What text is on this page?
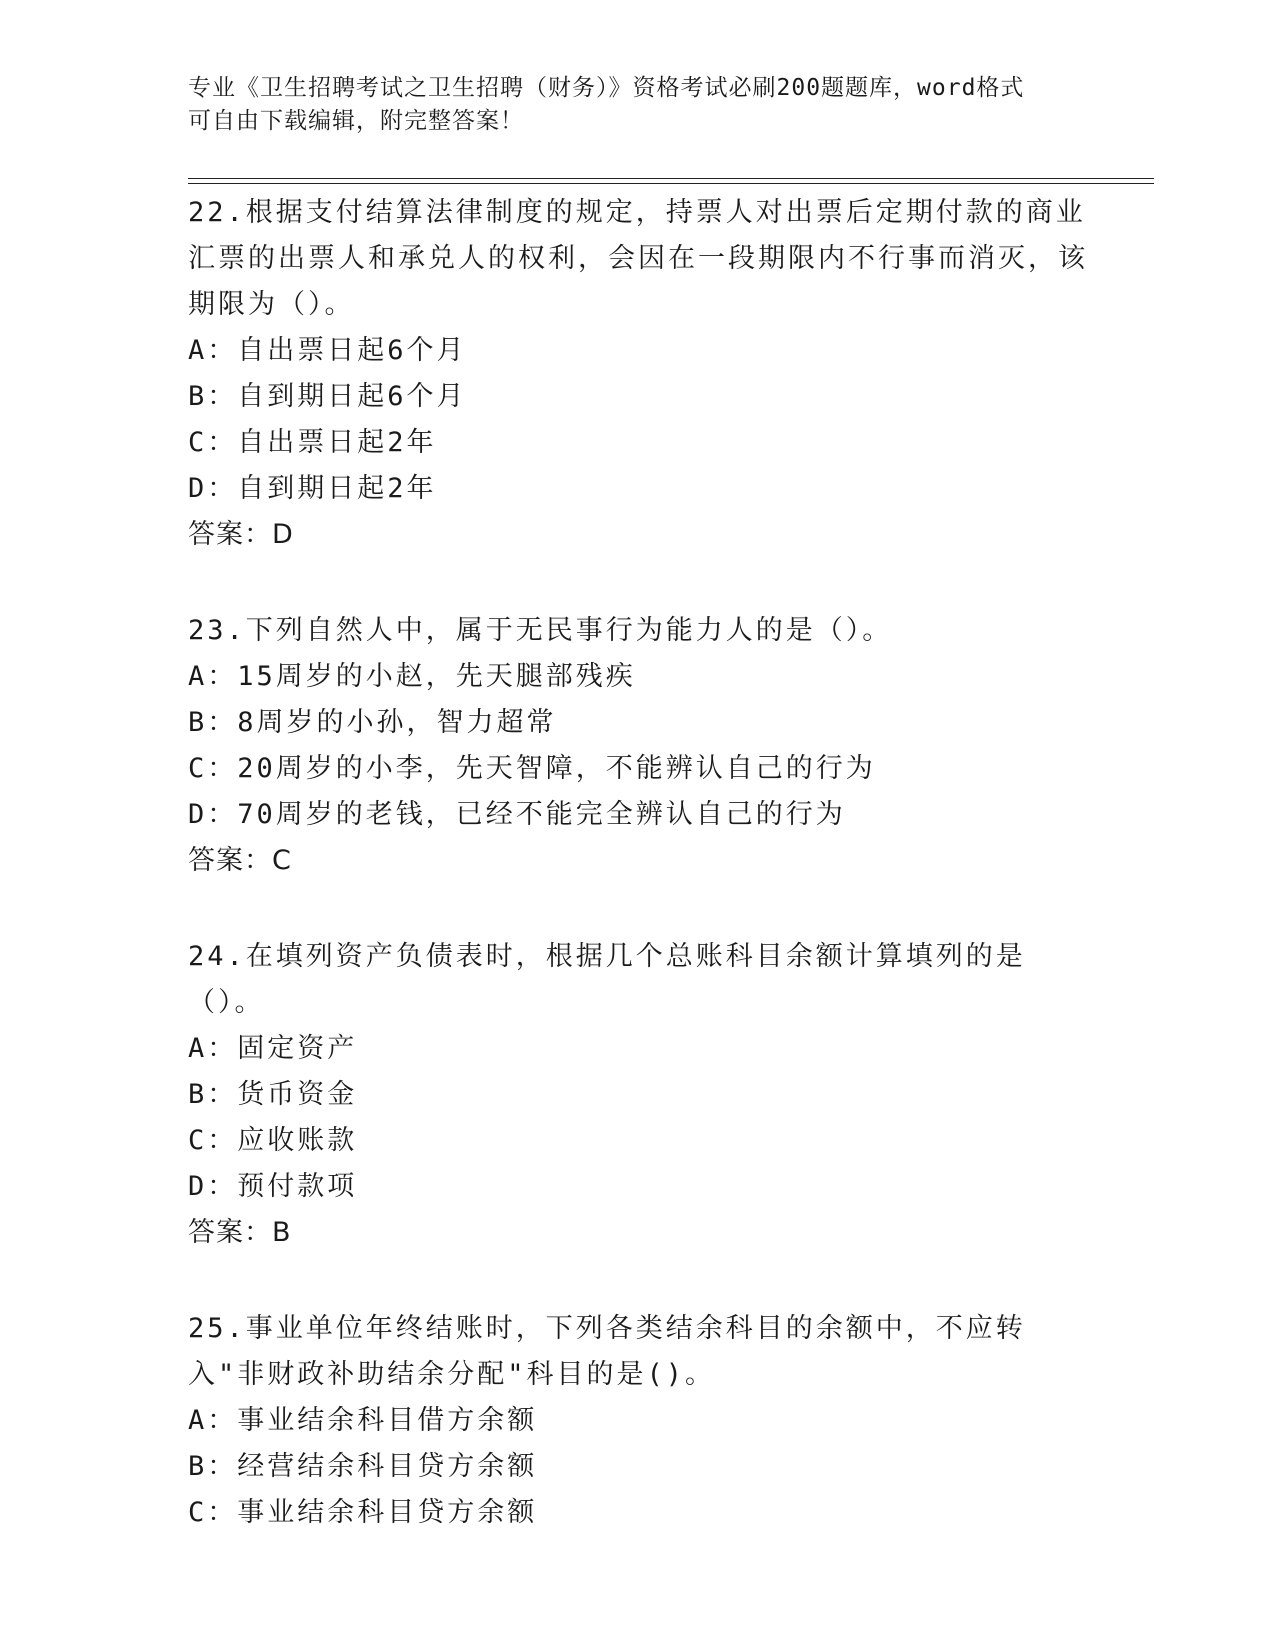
专业《卫生招聘考试之卫生招聘（财务）》资格考试必刷200题题库，word格式
可自由下载编辑，附完整答案！

22.根据支付结算法律制度的规定，持票人对出票后定期付款的商业汇票的出票人和承兑人的权利，会因在一段期限内不行事而消灭，该期限为（）。

A：自出票日起6个月

B：自到期日起6个月

C：自出票日起2年

D：自到期日起2年

答案：D

23.下列自然人中，属于无民事行为能力人的是（）。

A：15周岁的小赵，先天腿部残疾

B：8周岁的小孙，智力超常

C：20周岁的小李，先天智障，不能辨认自己的行为

D：70周岁的老钱，已经不能完全辨认自己的行为

答案：C

24.在填列资产负债表时，根据几个总账科目余额计算填列的是（）。

A：固定资产

B：货币资金

C：应收账款

D：预付款项

答案：B

25.事业单位年终结账时，下列各类结余科目的余额中，不应转入"非财政补助结余分配"科目的是()。

A：事业结余科目借方余额

B：经营结余科目贷方余额

C：事业结余科目贷方余额
